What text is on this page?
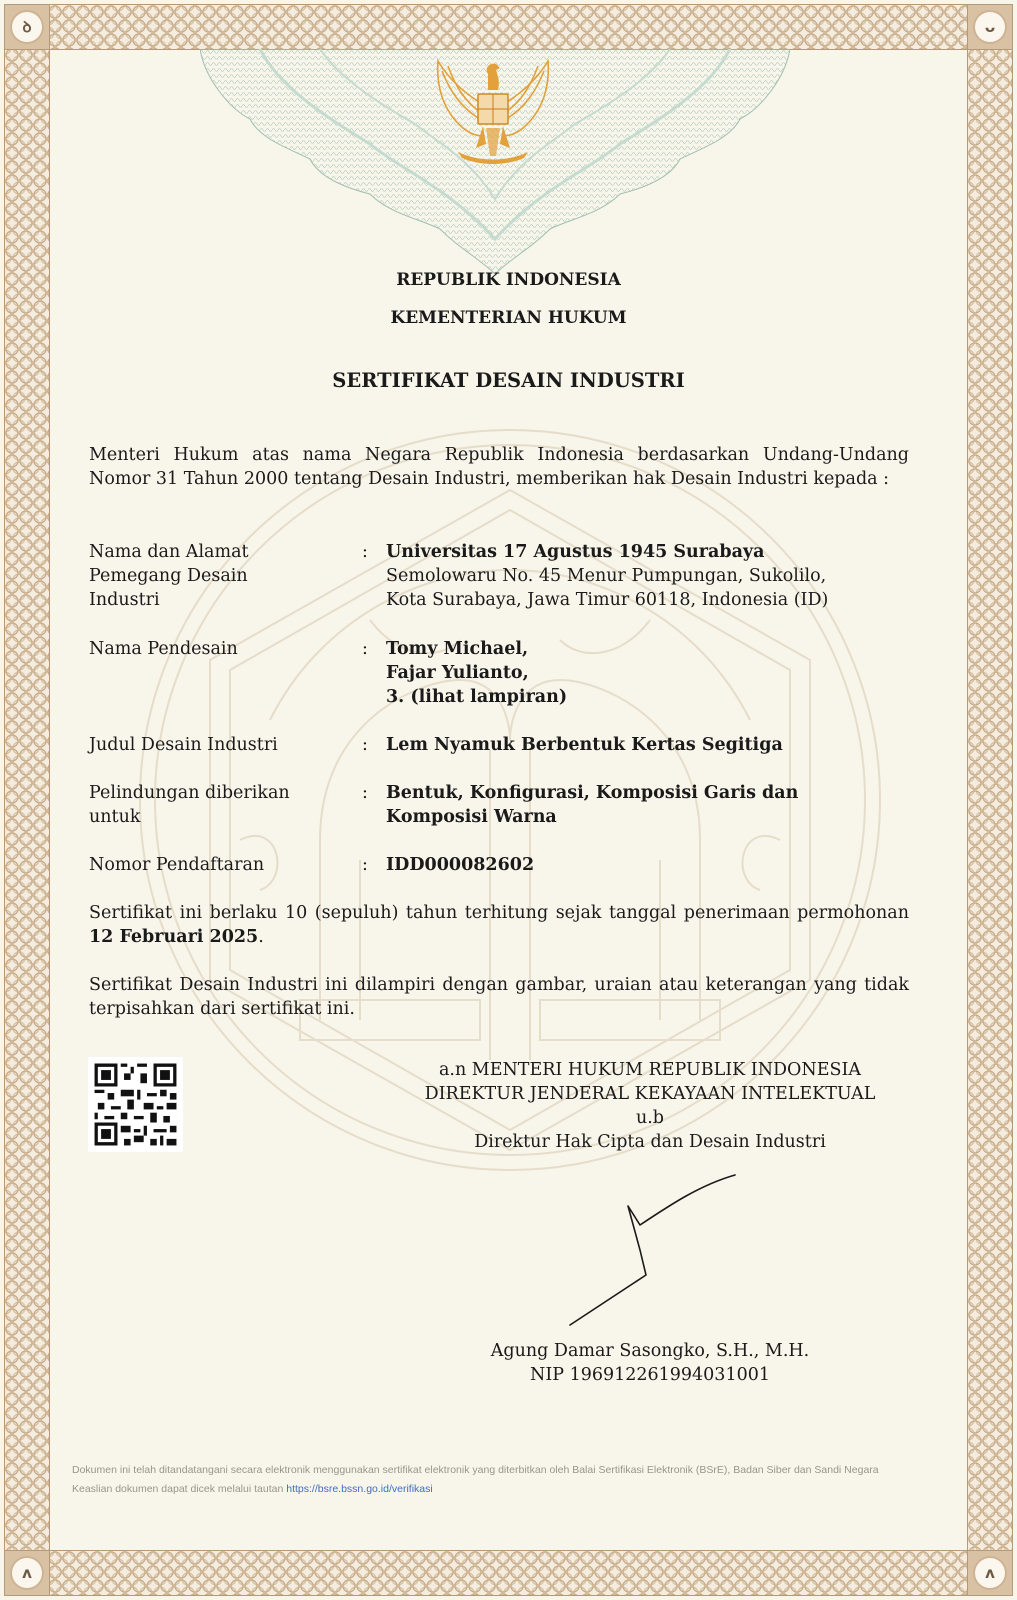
ꝺ	ᴗ
ʌ	ʌ
REPUBLIK INDONESIA
KEMENTERIAN HUKUM
SERTIFIKAT DESAIN INDUSTRI
Menteri Hukum atas nama Negara Republik Indonesia berdasarkan Undang-Undang Nomor 31 Tahun 2000 tentang Desain Industri, memberikan hak Desain Industri kepada :
Nama dan Alamat
Pemegang Desain
Industri
:	Universitas 17 Agustus 1945 Surabaya
Semolowaru No. 45 Menur Pumpungan, Sukolilo,
Kota Surabaya, Jawa Timur 60118, Indonesia (ID)
Nama Pendesain	:	Tomy Michael,
Fajar Yulianto,
3. (lihat lampiran)
Judul Desain Industri	:	Lem Nyamuk Berbentuk Kertas Segitiga
Pelindungan diberikan
untuk
:	Bentuk, Konfigurasi, Komposisi Garis dan
Komposisi Warna
Nomor Pendaftaran	:	IDD000082602
Sertifikat ini berlaku 10 (sepuluh) tahun terhitung sejak tanggal penerimaan permohonan 12 Februari 2025.
Sertifikat Desain Industri ini dilampiri dengan gambar, uraian atau keterangan yang tidak terpisahkan dari sertifikat ini.
a.n MENTERI HUKUM REPUBLIK INDONESIA
DIREKTUR JENDERAL KEKAYAAN INTELEKTUAL
u.b
Direktur Hak Cipta dan Desain Industri
Agung Damar Sasongko, S.H., M.H.
NIP 196912261994031001
Dokumen ini telah ditandatangani secara elektronik menggunakan sertifikat elektronik yang diterbitkan oleh Balai Sertifikasi Elektronik (BSrE), Badan Siber dan Sandi Negara
Keaslian dokumen dapat dicek melalui tautan https://bsre.bssn.go.id/verifikasi
